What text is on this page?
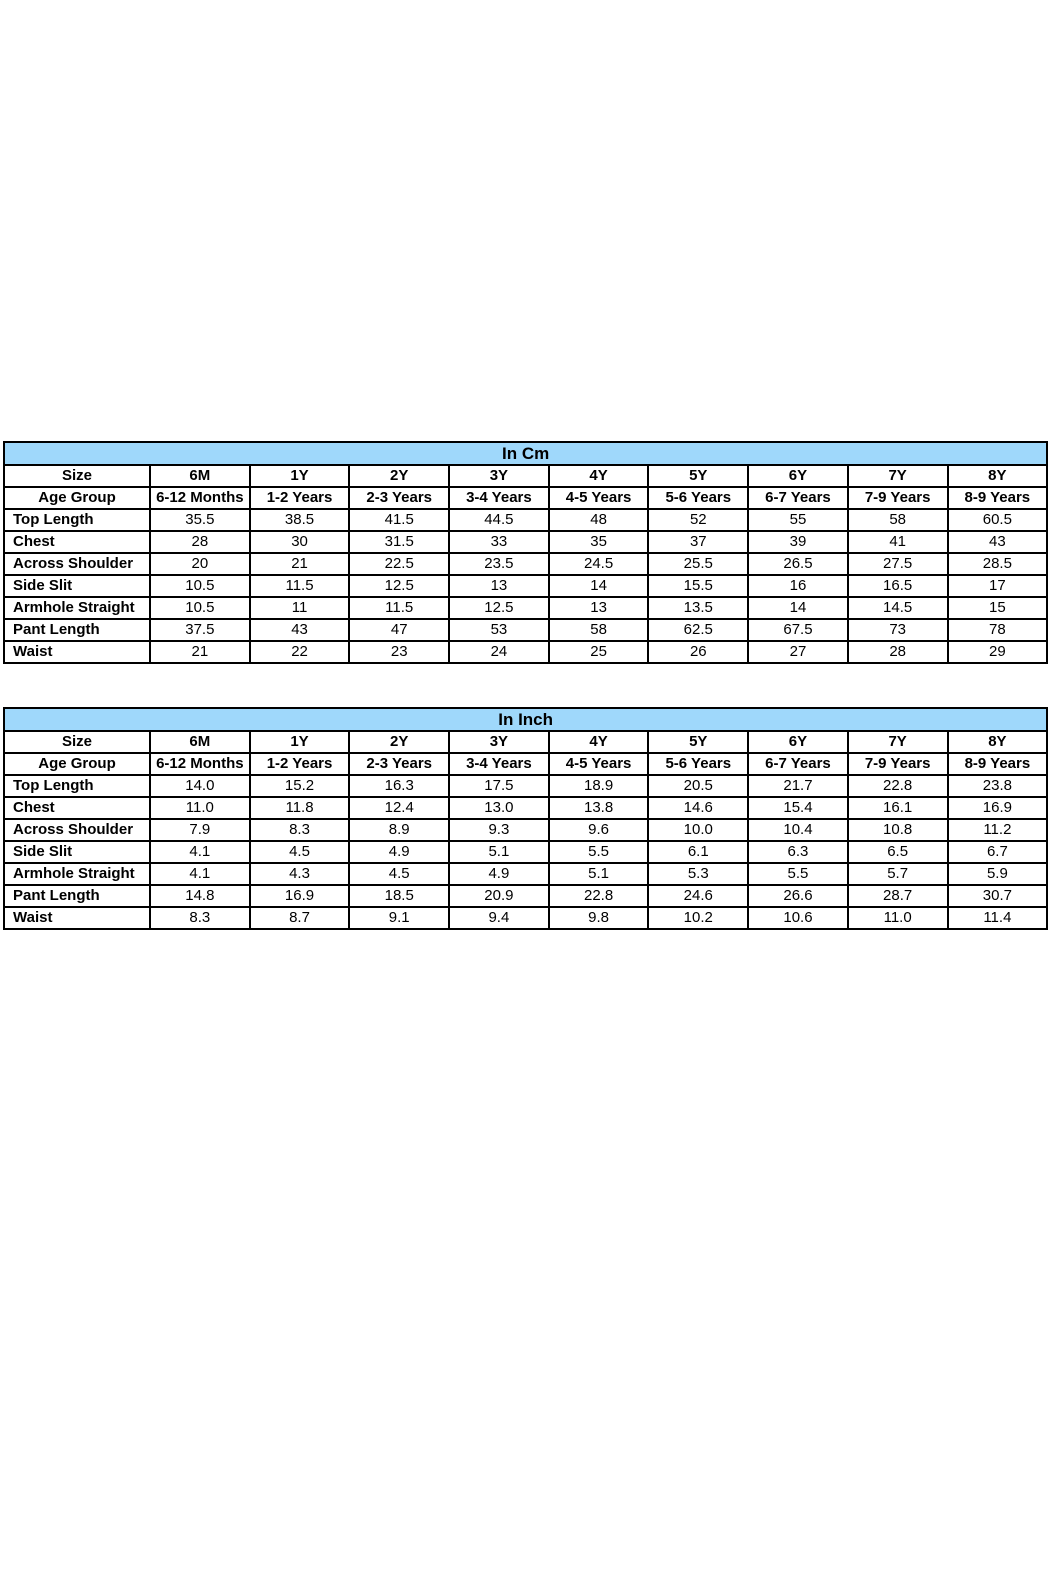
In Cm									
Size	6M	1Y	2Y	3Y	4Y	5Y	6Y	7Y	8Y
Age Group	6-12 Months	1-2 Years	2-3 Years	3-4 Years	4-5 Years	5-6 Years	6-7 Years	7-9 Years	8-9 Years
Top Length	35.5	38.5	41.5	44.5	48	52	55	58	60.5
Chest	28	30	31.5	33	35	37	39	41	43
Across Shoulder	20	21	22.5	23.5	24.5	25.5	26.5	27.5	28.5
Side Slit	10.5	11.5	12.5	13	14	15.5	16	16.5	17
Armhole Straight	10.5	11	11.5	12.5	13	13.5	14	14.5	15
Pant Length	37.5	43	47	53	58	62.5	67.5	73	78
Waist	21	22	23	24	25	26	27	28	29
In Inch									
Size	6M	1Y	2Y	3Y	4Y	5Y	6Y	7Y	8Y
Age Group	6-12 Months	1-2 Years	2-3 Years	3-4 Years	4-5 Years	5-6 Years	6-7 Years	7-9 Years	8-9 Years
Top Length	14.0	15.2	16.3	17.5	18.9	20.5	21.7	22.8	23.8
Chest	11.0	11.8	12.4	13.0	13.8	14.6	15.4	16.1	16.9
Across Shoulder	7.9	8.3	8.9	9.3	9.6	10.0	10.4	10.8	11.2
Side Slit	4.1	4.5	4.9	5.1	5.5	6.1	6.3	6.5	6.7
Armhole Straight	4.1	4.3	4.5	4.9	5.1	5.3	5.5	5.7	5.9
Pant Length	14.8	16.9	18.5	20.9	22.8	24.6	26.6	28.7	30.7
Waist	8.3	8.7	9.1	9.4	9.8	10.2	10.6	11.0	11.4
